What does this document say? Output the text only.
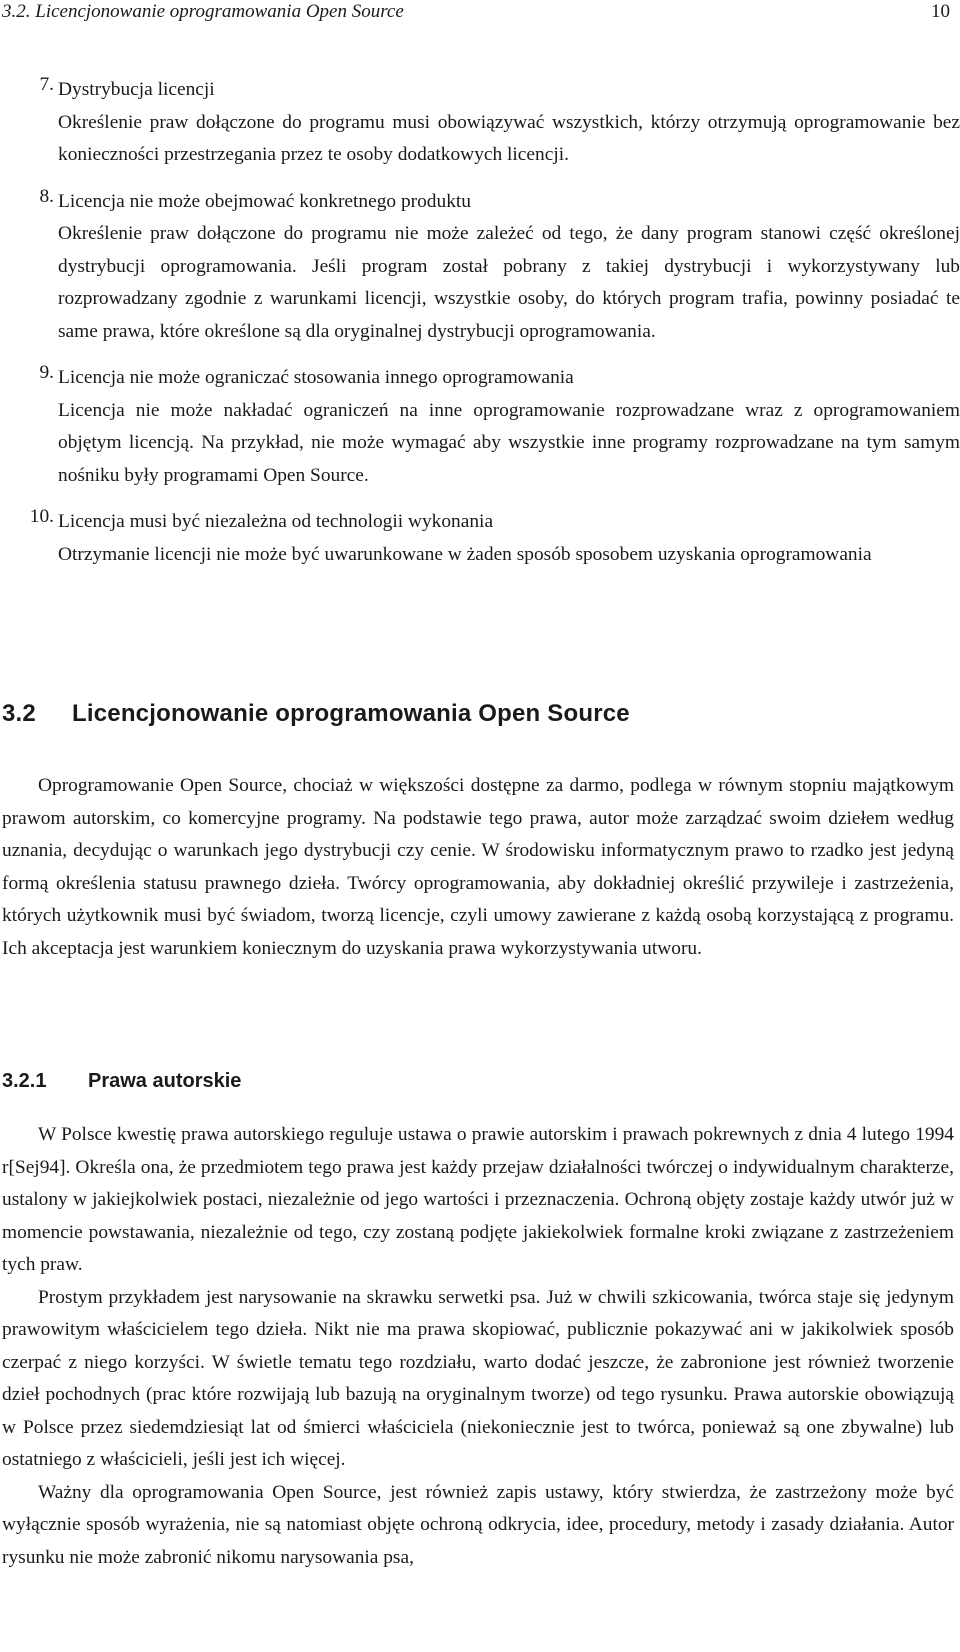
3.2. Licencjonowanie oprogramowania Open Source	10
7. Dystrybucja licencji

Określenie praw dołączone do programu musi obowiązywać wszystkich, którzy otrzymują oprogramowanie bez konieczności przestrzegania przez te osoby dodatkowych licencji.

8. Licencja nie może obejmować konkretnego produktu

Określenie praw dołączone do programu nie może zależeć od tego, że dany program stanowi część określonej dystrybucji oprogramowania. Jeśli program został pobrany z takiej dystrybucji i wykorzystywany lub rozprowadzany zgodnie z warunkami licencji, wszystkie osoby, do których program trafia, powinny posiadać te same prawa, które określone są dla oryginalnej dystrybucji oprogramowania.

9. Licencja nie może ograniczać stosowania innego oprogramowania

Licencja nie może nakładać ograniczeń na inne oprogramowanie rozprowadzane wraz z oprogramowaniem objętym licencją. Na przykład, nie może wymagać aby wszystkie inne programy rozprowadzane na tym samym nośniku były programami Open Source.

10. Licencja musi być niezależna od technologii wykonania

Otrzymanie licencji nie może być uwarunkowane w żaden sposób sposobem uzyskania oprogramowania

3.2 Licencjonowanie oprogramowania Open Source

Oprogramowanie Open Source, chociaż w większości dostępne za darmo, podlega w równym stopniu majątkowym prawom autorskim, co komercyjne programy. Na podstawie tego prawa, autor może zarządzać swoim dziełem według uznania, decydując o warunkach jego dystrybucji czy cenie. W środowisku informatycznym prawo to rzadko jest jedyną formą określenia statusu prawnego dzieła. Twórcy oprogramowania, aby dokładniej określić przywileje i zastrzeżenia, których użytkownik musi być świadom, tworzą licencje, czyli umowy zawierane z każdą osobą korzystającą z programu. Ich akceptacja jest warunkiem koniecznym do uzyskania prawa wykorzystywania utworu.

3.2.1 Prawa autorskie

W Polsce kwestię prawa autorskiego reguluje ustawa o prawie autorskim i prawach pokrewnych z dnia 4 lutego 1994 r[Sej94]. Określa ona, że przedmiotem tego prawa jest każdy przejaw działalności twórczej o indywidualnym charakterze, ustalony w jakiejkolwiek postaci, niezależnie od jego wartości i przeznaczenia. Ochroną objęty zostaje każdy utwór już w momencie powstawania, niezależnie od tego, czy zostaną podjęte jakiekolwiek formalne kroki związane z zastrzeżeniem tych praw.

Prostym przykładem jest narysowanie na skrawku serwetki psa. Już w chwili szkicowania, twórca staje się jedynym prawowitym właścicielem tego dzieła. Nikt nie ma prawa skopiować, publicznie pokazywać ani w jakikolwiek sposób czerpać z niego korzyści. W świetle tematu tego rozdziału, warto dodać jeszcze, że zabronione jest również tworzenie dzieł pochodnych (prac które rozwijają lub bazują na oryginalnym tworze) od tego rysunku. Prawa autorskie obowiązują w Polsce przez siedemdziesiąt lat od śmierci właściciela (niekoniecznie jest to twórca, ponieważ są one zbywalne) lub ostatniego z właścicieli, jeśli jest ich więcej.

Ważny dla oprogramowania Open Source, jest również zapis ustawy, który stwierdza, że zastrzeżony może być wyłącznie sposób wyrażenia, nie są natomiast objęte ochroną odkrycia, idee, procedury, metody i zasady działania. Autor rysunku nie może zabronić nikomu narysowania psa,
